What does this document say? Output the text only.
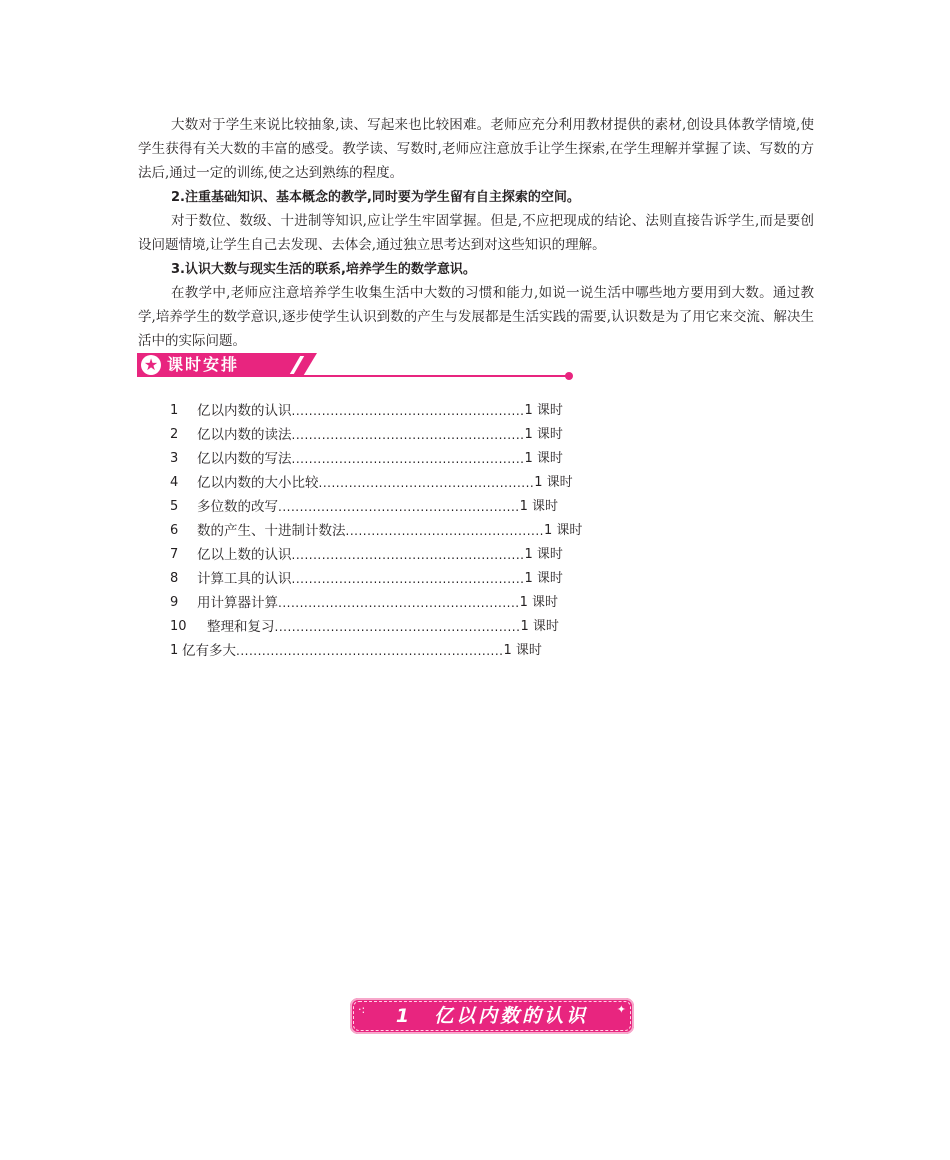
大数对于学生来说比较抽象,读、写起来也比较困难。老师应充分利用教材提供的素材,创设具体教学情境,使学生获得有关大数的丰富的感受。教学读、写数时,老师应注意放手让学生探索,在学生理解并掌握了读、写数的方法后,通过一定的训练,使之达到熟练的程度。

2.注重基础知识、基本概念的教学,同时要为学生留有自主探索的空间。

对于数位、数级、十进制等知识,应让学生牢固掌握。但是,不应把现成的结论、法则直接告诉学生,而是要创设问题情境,让学生自己去发现、去体会,通过独立思考达到对这些知识的理解。

3.认识大数与现实生活的联系,培养学生的数学意识。

在教学中,老师应注意培养学生收集生活中大数的习惯和能力,如说一说生活中哪些地方要用到大数。通过教学,培养学生的数学意识,逐步使学生认识到数的产生与发展都是生活实践的需要,认识数是为了用它来交流、解决生活中的实际问题。

★ 课时安排
1	亿以内数的认识 ...................................................... 1 课时
2	亿以内数的读法 ...................................................... 1 课时
3	亿以内数的写法 ...................................................... 1 课时
4	亿以内数的大小比较 .................................................. 1 课时
5	多位数的改写 ........................................................ 1 课时
6	数的产生、十进制计数法 .............................................. 1 课时
7	亿以上数的认识 ...................................................... 1 课时
8	计算工具的认识 ...................................................... 1 课时
9	用计算器计算 ........................................................ 1 课时
10	整理和复习 ......................................................... 1 课时
1 亿有多大 .............................................................. 1 课时
·:	1　亿以内数的认识	✦
